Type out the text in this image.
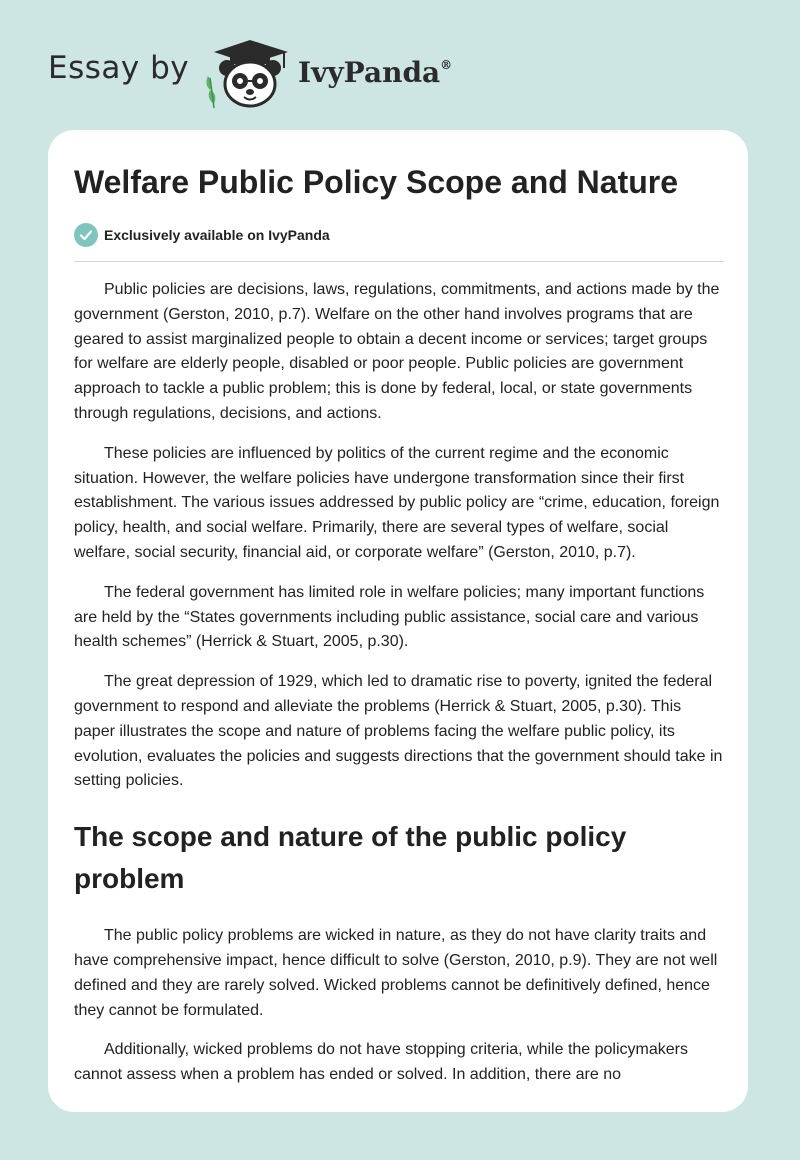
Essay by	IvyPanda®
Welfare Public Policy Scope and Nature
Exclusively available on IvyPanda

Public policies are decisions, laws, regulations, commitments, and actions made by the government (Gerston, 2010, p.7). Welfare on the other hand involves programs that are geared to assist marginalized people to obtain a decent income or services; target groups for welfare are elderly people, disabled or poor people. Public policies are government approach to tackle a public problem; this is done by federal, local, or state governments through regulations, decisions, and actions.

These policies are influenced by politics of the current regime and the economic situation. However, the welfare policies have undergone transformation since their first establishment. The various issues addressed by public policy are “crime, education, foreign policy, health, and social welfare. Primarily, there are several types of welfare, social welfare, social security, financial aid, or corporate welfare” (Gerston, 2010, p.7).

The federal government has limited role in welfare policies; many important functions are held by the “States governments including public assistance, social care and various health schemes” (Herrick & Stuart, 2005, p.30).

The great depression of 1929, which led to dramatic rise to poverty, ignited the federal government to respond and alleviate the problems (Herrick & Stuart, 2005, p.30). This paper illustrates the scope and nature of problems facing the welfare public policy, its evolution, evaluates the policies and suggests directions that the government should take in setting policies.

The scope and nature of the public policy problem

The public policy problems are wicked in nature, as they do not have clarity traits and have comprehensive impact, hence difficult to solve (Gerston, 2010, p.9). They are not well defined and they are rarely solved. Wicked problems cannot be definitively defined, hence they cannot be formulated.

Additionally, wicked problems do not have stopping criteria, while the policymakers cannot assess when a problem has ended or solved. In addition, there are no
